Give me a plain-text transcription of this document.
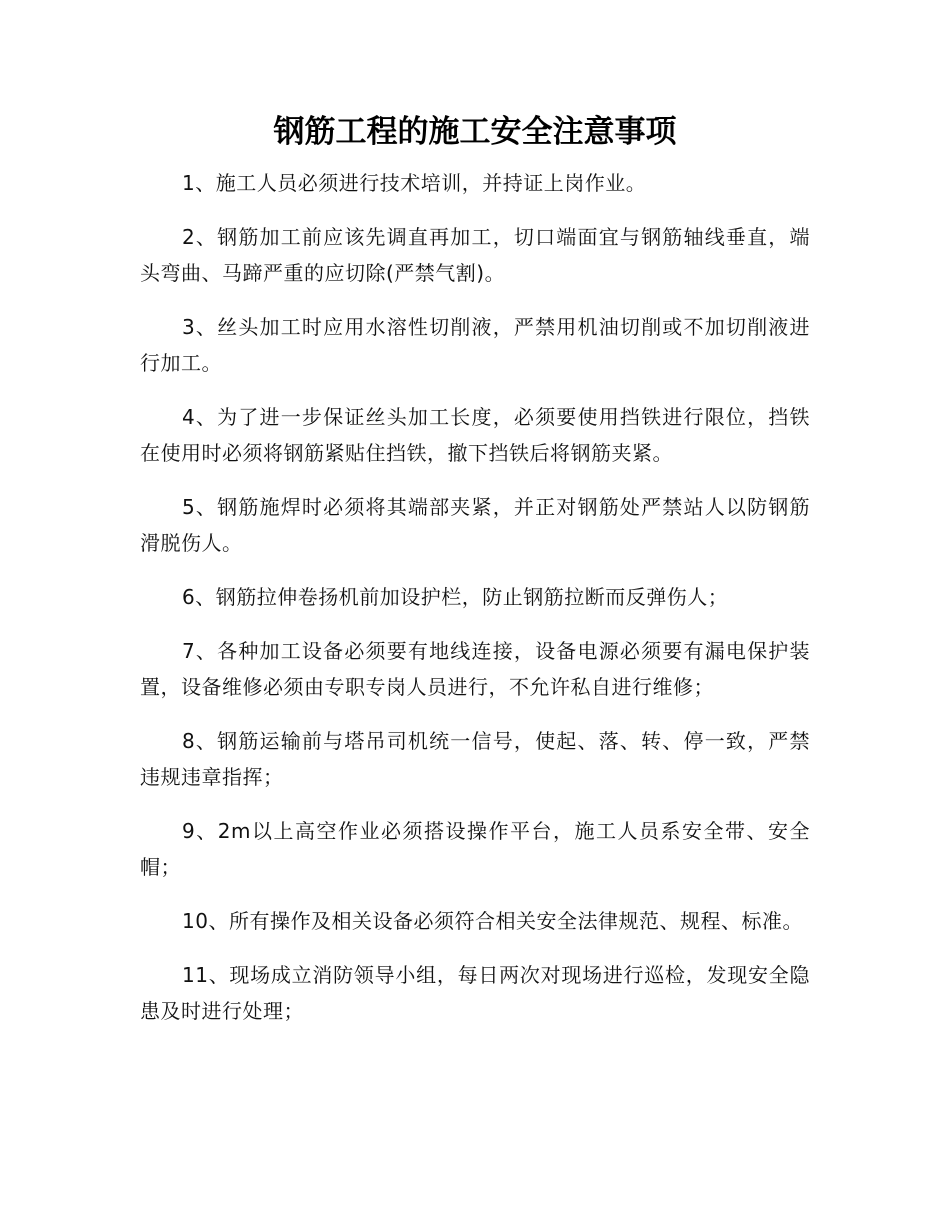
钢筋工程的施工安全注意事项

1、施工人员必须进行技术培训，并持证上岗作业。

2、钢筋加工前应该先调直再加工，切口端面宜与钢筋轴线垂直，端头弯曲、马蹄严重的应切除(严禁气割)。

3、丝头加工时应用水溶性切削液，严禁用机油切削或不加切削液进行加工。

4、为了进一步保证丝头加工长度，必须要使用挡铁进行限位，挡铁在使用时必须将钢筋紧贴住挡铁，撤下挡铁后将钢筋夹紧。

5、钢筋施焊时必须将其端部夹紧，并正对钢筋处严禁站人以防钢筋滑脱伤人。

6、钢筋拉伸卷扬机前加设护栏，防止钢筋拉断而反弹伤人；

7、各种加工设备必须要有地线连接，设备电源必须要有漏电保护装置，设备维修必须由专职专岗人员进行，不允许私自进行维修；

8、钢筋运输前与塔吊司机统一信号，使起、落、转、停一致，严禁违规违章指挥；

9、2m以上高空作业必须搭设操作平台，施工人员系安全带、安全帽；

10、所有操作及相关设备必须符合相关安全法律规范、规程、标准。

11、现场成立消防领导小组，每日两次对现场进行巡检，发现安全隐患及时进行处理；
